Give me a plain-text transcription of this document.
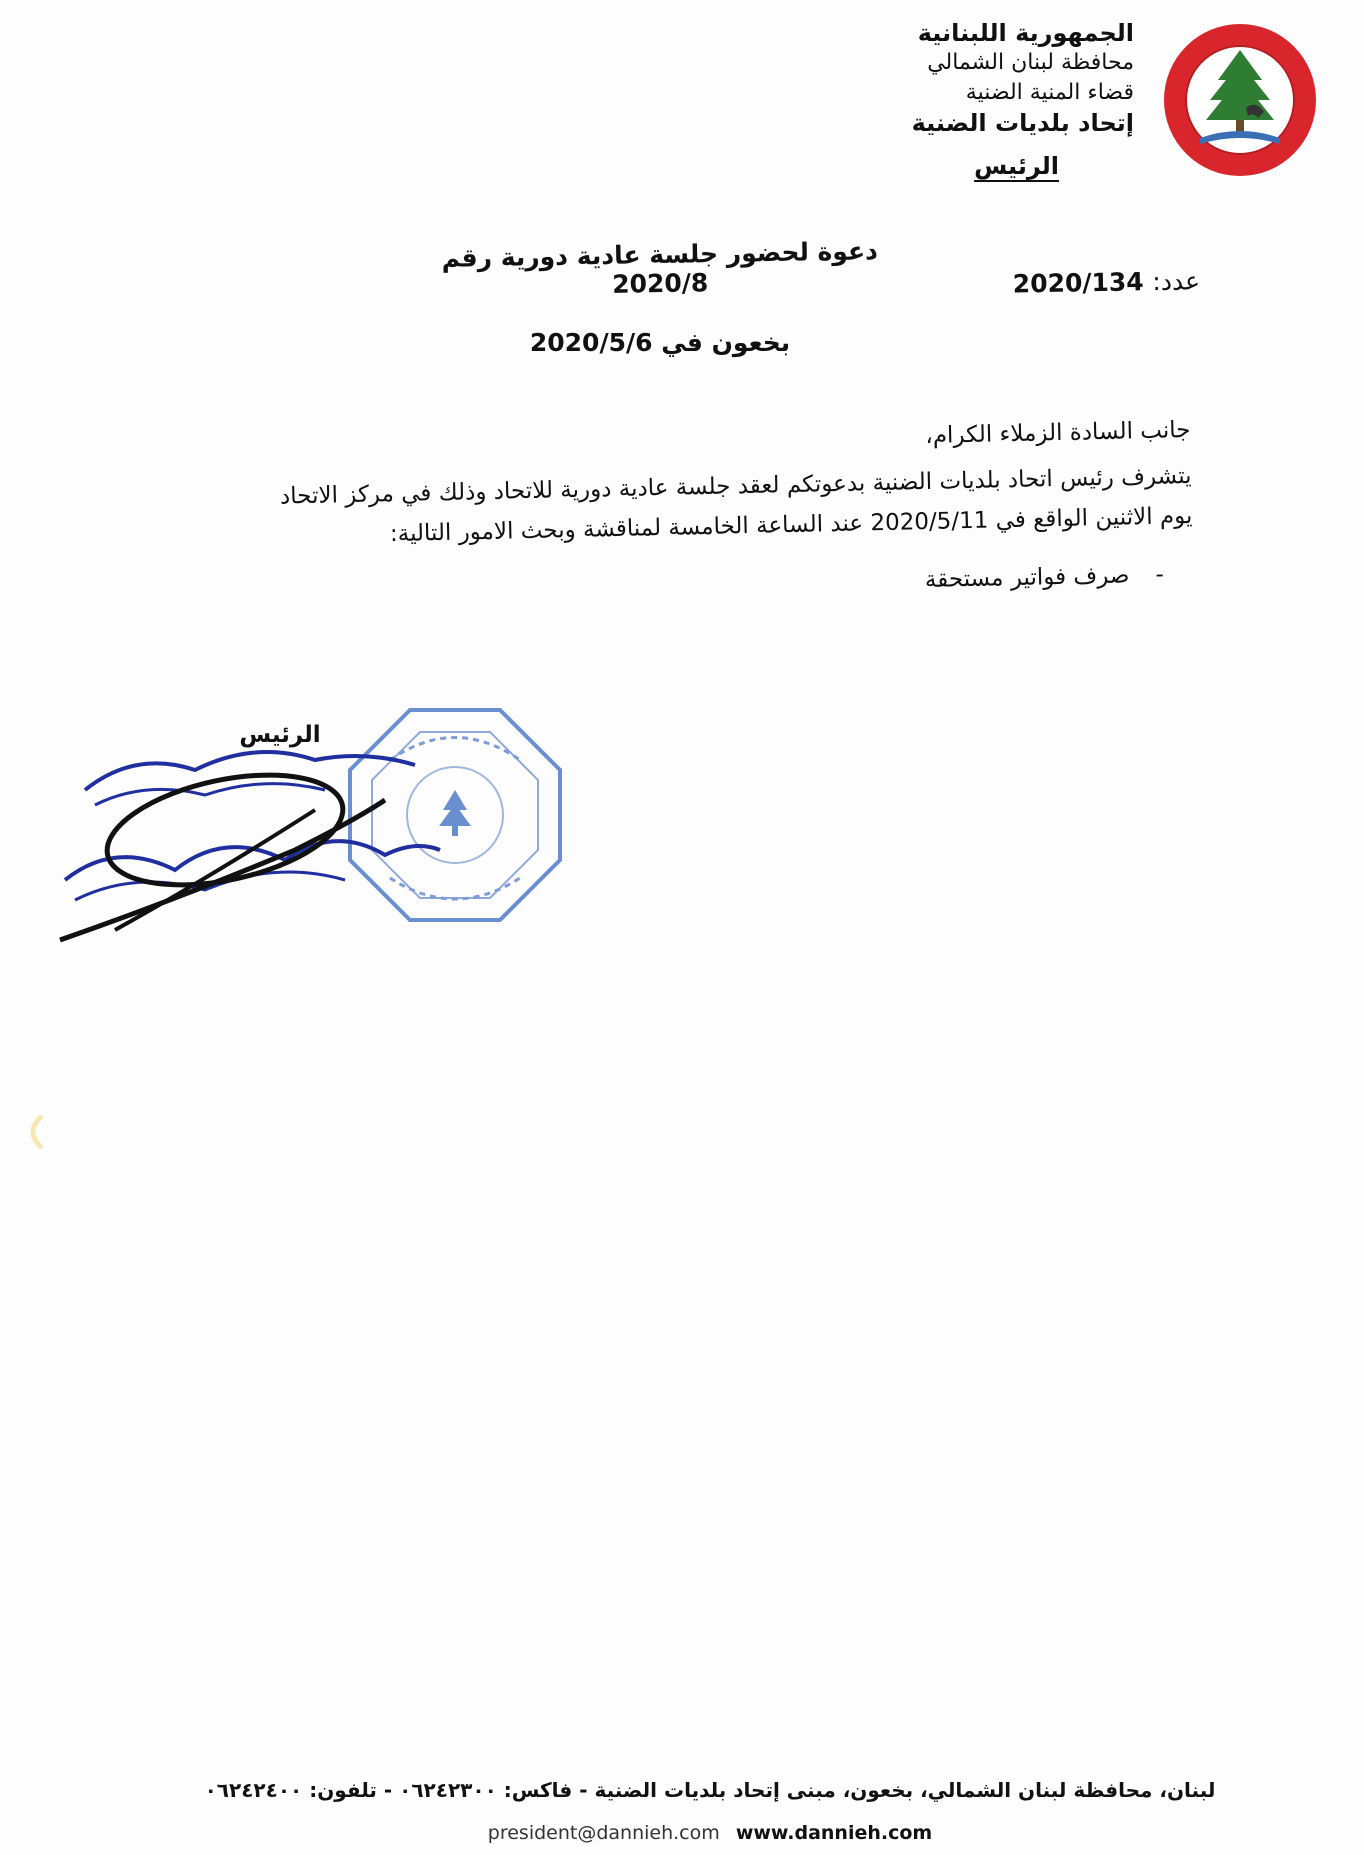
الجمهورية اللبنانية
محافظة لبنان الشمالي
قضاء المنية الضنية
إتحاد بلديات الضنية
الرئيس
دعوة لحضور جلسة عادية دورية رقم 2020/8	عدد: 2020/134
بخعون في 2020/5/6

جانب السادة الزملاء الكرام،

يتشرف رئيس اتحاد بلديات الضنية بدعوتكم لعقد جلسة عادية دورية للاتحاد وذلك في مركز الاتحاد

يوم الاثنين الواقع في 2020/5/11 عند الساعة الخامسة لمناقشة وبحث الامور التالية:

- صرف فواتير مستحقة
الرئيس
لبنان، محافظة لبنان الشمالي، بخعون، مبنى إتحاد بلديات الضنية - فاكس: ٠٦٢٤٢٣٠٠ - تلفون: ٠٦٢٤٢٤٠٠
president@dannieh.com www.dannieh.com
